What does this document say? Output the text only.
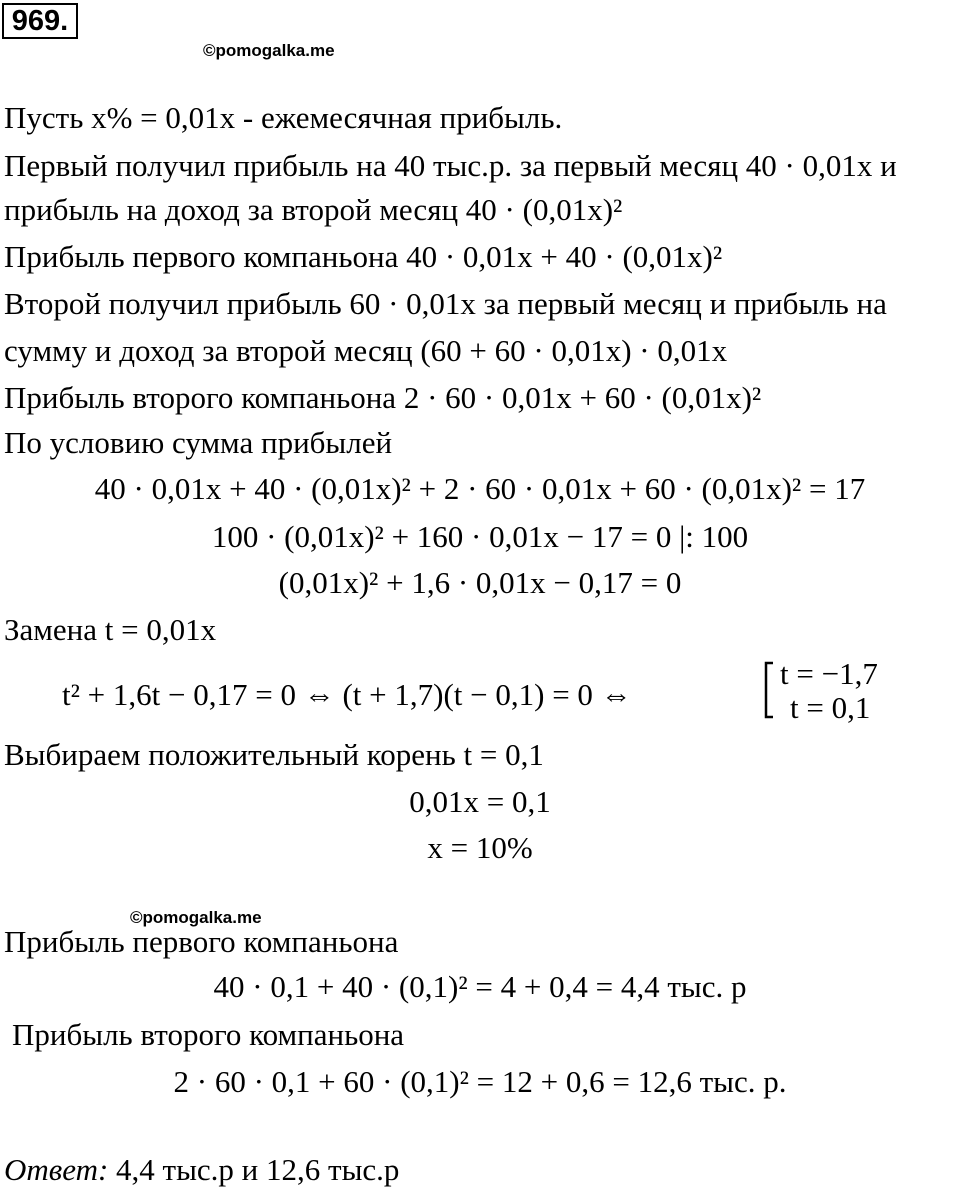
969.
©pomogalka.me
Пусть x% = 0,01x - ежемесячная прибыль.
Первый получил прибыль на 40 тыс.р. за первый месяц 40 · 0,01x и
прибыль на доход за второй месяц 40 · (0,01x)²
Прибыль первого компаньона 40 · 0,01x + 40 · (0,01x)²
Второй получил прибыль 60 · 0,01x за первый месяц и прибыль на
сумму и доход за второй месяц (60 + 60 · 0,01x) · 0,01x
Прибыль второго компаньона 2 · 60 · 0,01x + 60 · (0,01x)²
По условию сумма прибылей
40 · 0,01x + 40 · (0,01x)² + 2 · 60 · 0,01x + 60 · (0,01x)² = 17
100 · (0,01x)² + 160 · 0,01x − 17 = 0 |: 100
(0,01x)² + 1,6 · 0,01x − 0,17 = 0
Замена t = 0,01x
t² + 1,6t − 0,17 = 0 ⇔ (t + 1,7)(t − 0,1) = 0 ⇔
t = −1,7
t = 0,1
Выбираем положительный корень t = 0,1
0,01x = 0,1
x = 10%
©pomogalka.me
Прибыль первого компаньона
40 · 0,1 + 40 · (0,1)² = 4 + 0,4 = 4,4 тыс. р
Прибыль второго компаньона
2 · 60 · 0,1 + 60 · (0,1)² = 12 + 0,6 = 12,6 тыс. р.
Ответ: 4,4 тыс.р и 12,6 тыс.р
